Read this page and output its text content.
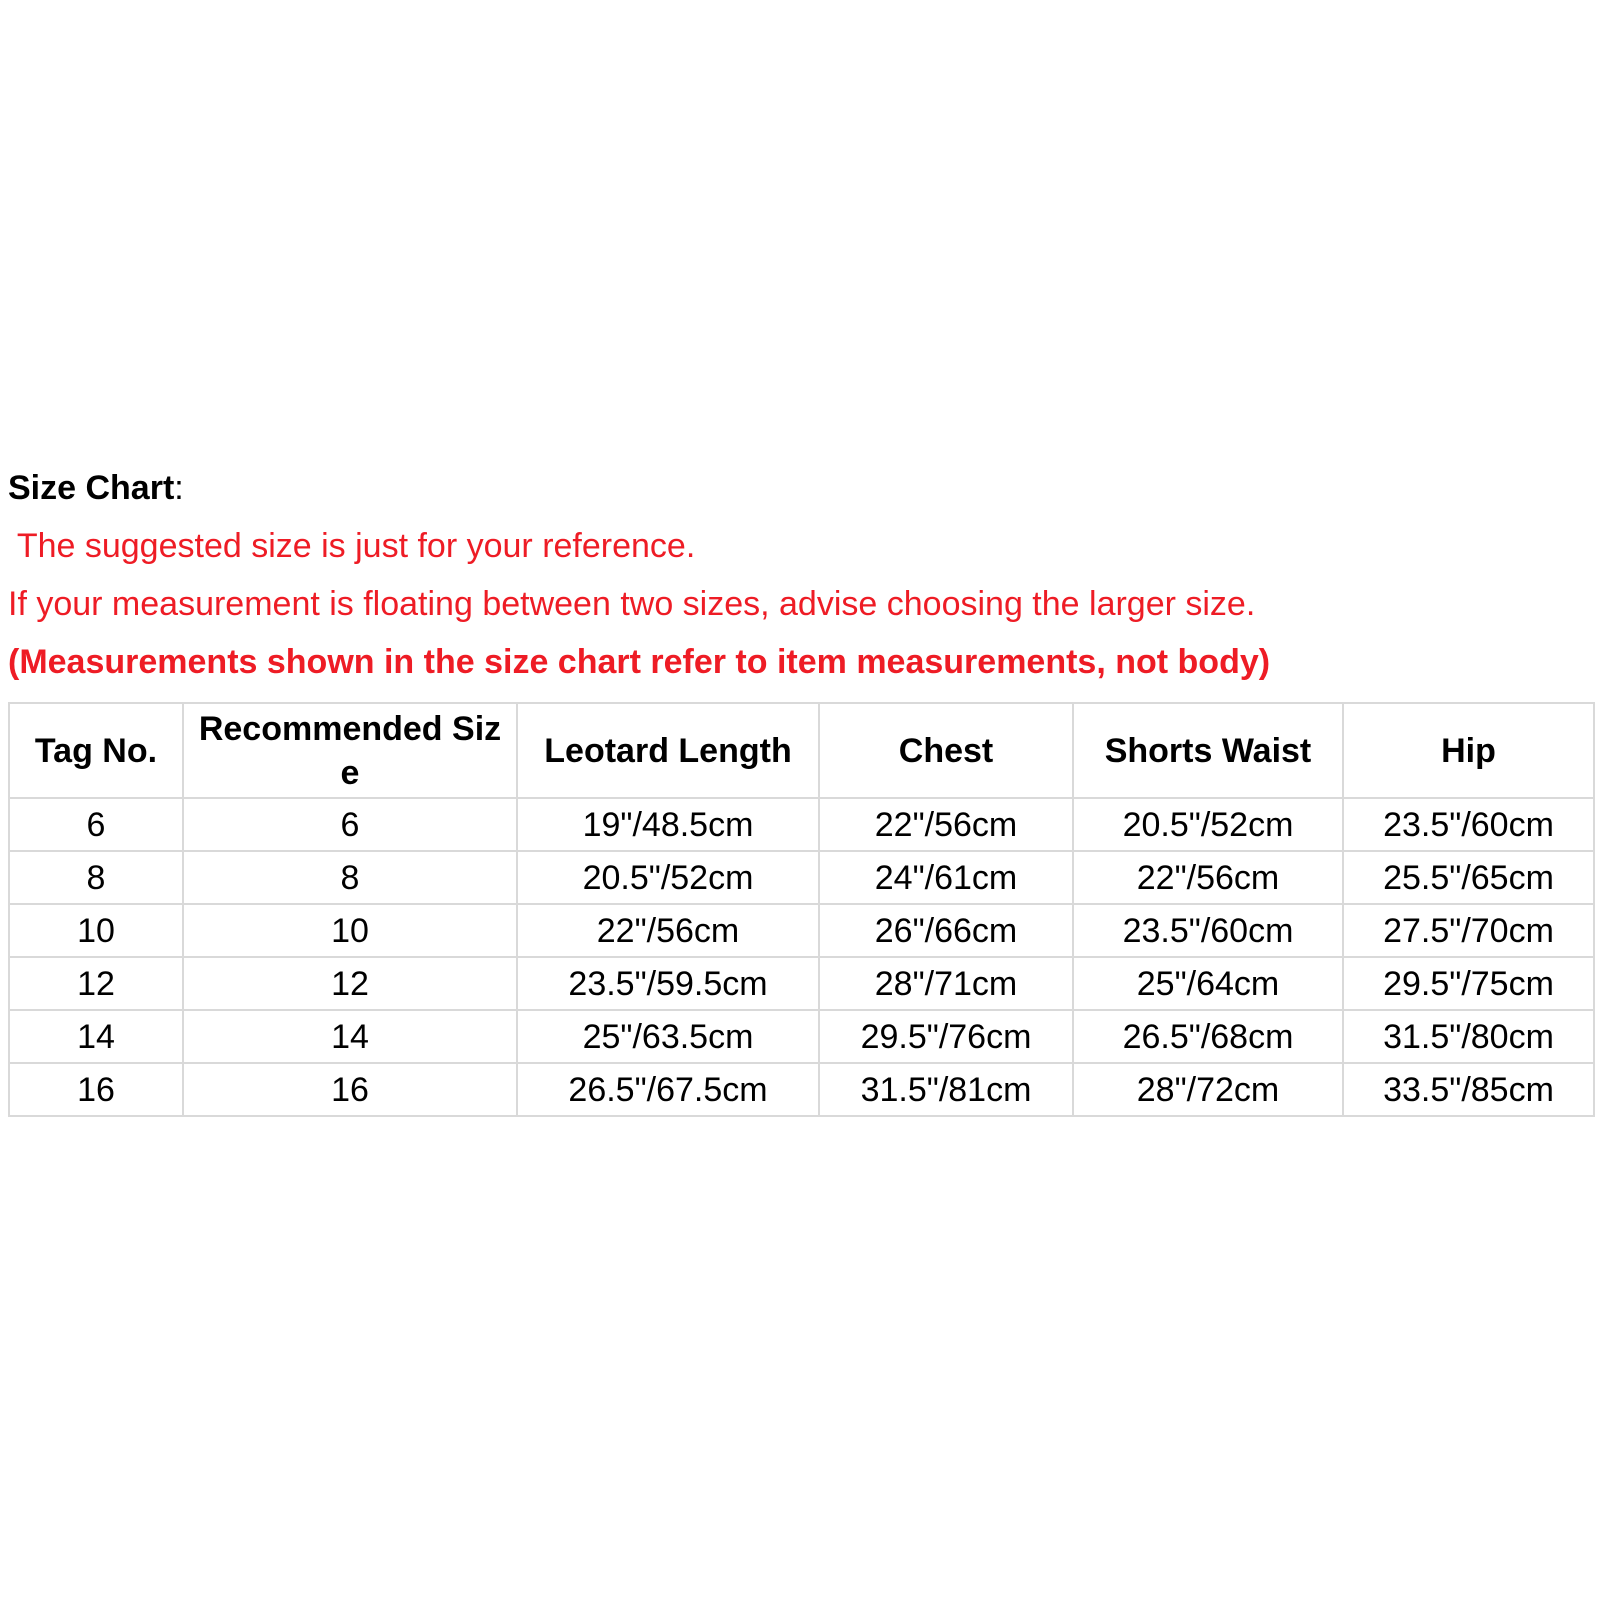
Size Chart:

The suggested size is just for your reference.

If your measurement is floating between two sizes, advise choosing the larger size.

(Measurements shown in the size chart refer to item measurements, not body)

Tag No.	Recommended Size	Leotard Length	Chest	Shorts Waist	Hip
6	6	19"/48.5cm	22"/56cm	20.5"/52cm	23.5"/60cm
8	8	20.5"/52cm	24"/61cm	22"/56cm	25.5"/65cm
10	10	22"/56cm	26"/66cm	23.5"/60cm	27.5"/70cm
12	12	23.5"/59.5cm	28"/71cm	25"/64cm	29.5"/75cm
14	14	25"/63.5cm	29.5"/76cm	26.5"/68cm	31.5"/80cm
16	16	26.5"/67.5cm	31.5"/81cm	28"/72cm	33.5"/85cm
